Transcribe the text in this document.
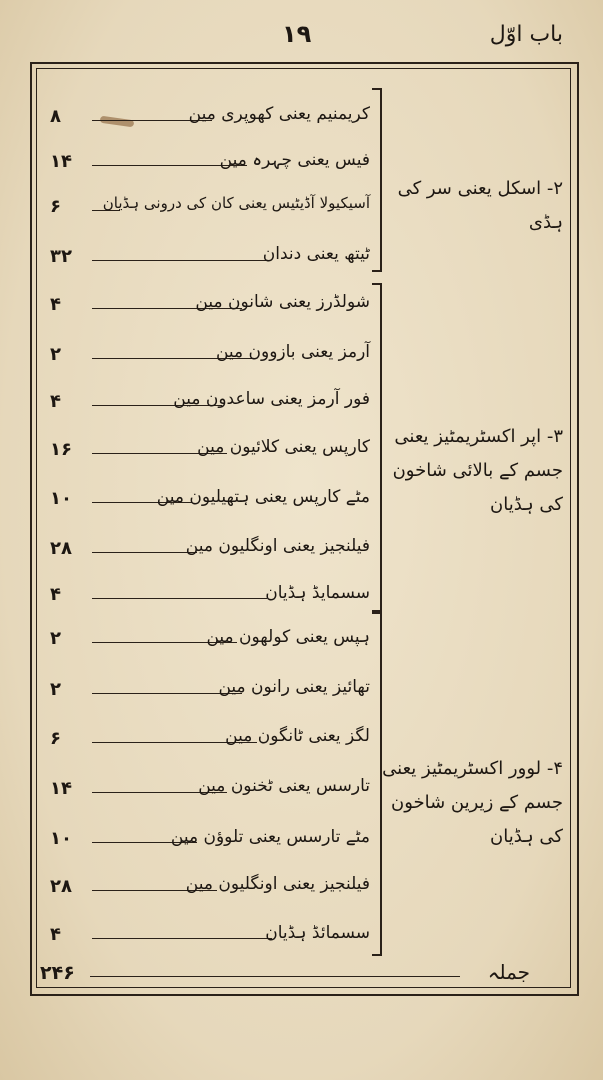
باب اوّل
۱۹
۲- اسکل یعنی سر کی ہڈی
۸	کریمنیم یعنی کھوپری مین
۱۴	فیس یعنی چہرہ مین
۶	آسیکیولا آڈیٹیس یعنی کان کی درونی ہڈیان
۳۲	ٹیتھ یعنی دندان
۳- اپر اکسٹریمٹیز یعنی جسم کے بالائی شاخون کی ہڈیان
۴	شولڈرز یعنی شانون مین
۲	آرمز یعنی بازوون مین
۴	فور آرمز یعنی ساعدون مین
۱۶	کارپس یعنی کلائیون مین
۱۰	مٹے کارپس یعنی ہتھیلیون مین
۲۸	فیلنجیز یعنی اونگلیون مین
۴	سسمایڈ ہڈیان
۴- لوور اکسٹریمٹیز یعنی جسم کے زیرین شاخون کی ہڈیان
۲	ہپس یعنی کولھون مین
۲	تھائیز یعنی رانون مین
۶	لگز یعنی ٹانگون مین
۱۴	تارسس یعنی ٹخنون مین
۱۰	مٹے تارسس یعنی تلوؤن مین
۲۸	فیلنجیز یعنی اونگلیون مین
۴	سسمائڈ ہڈیان
۲۴۶	جملہ
